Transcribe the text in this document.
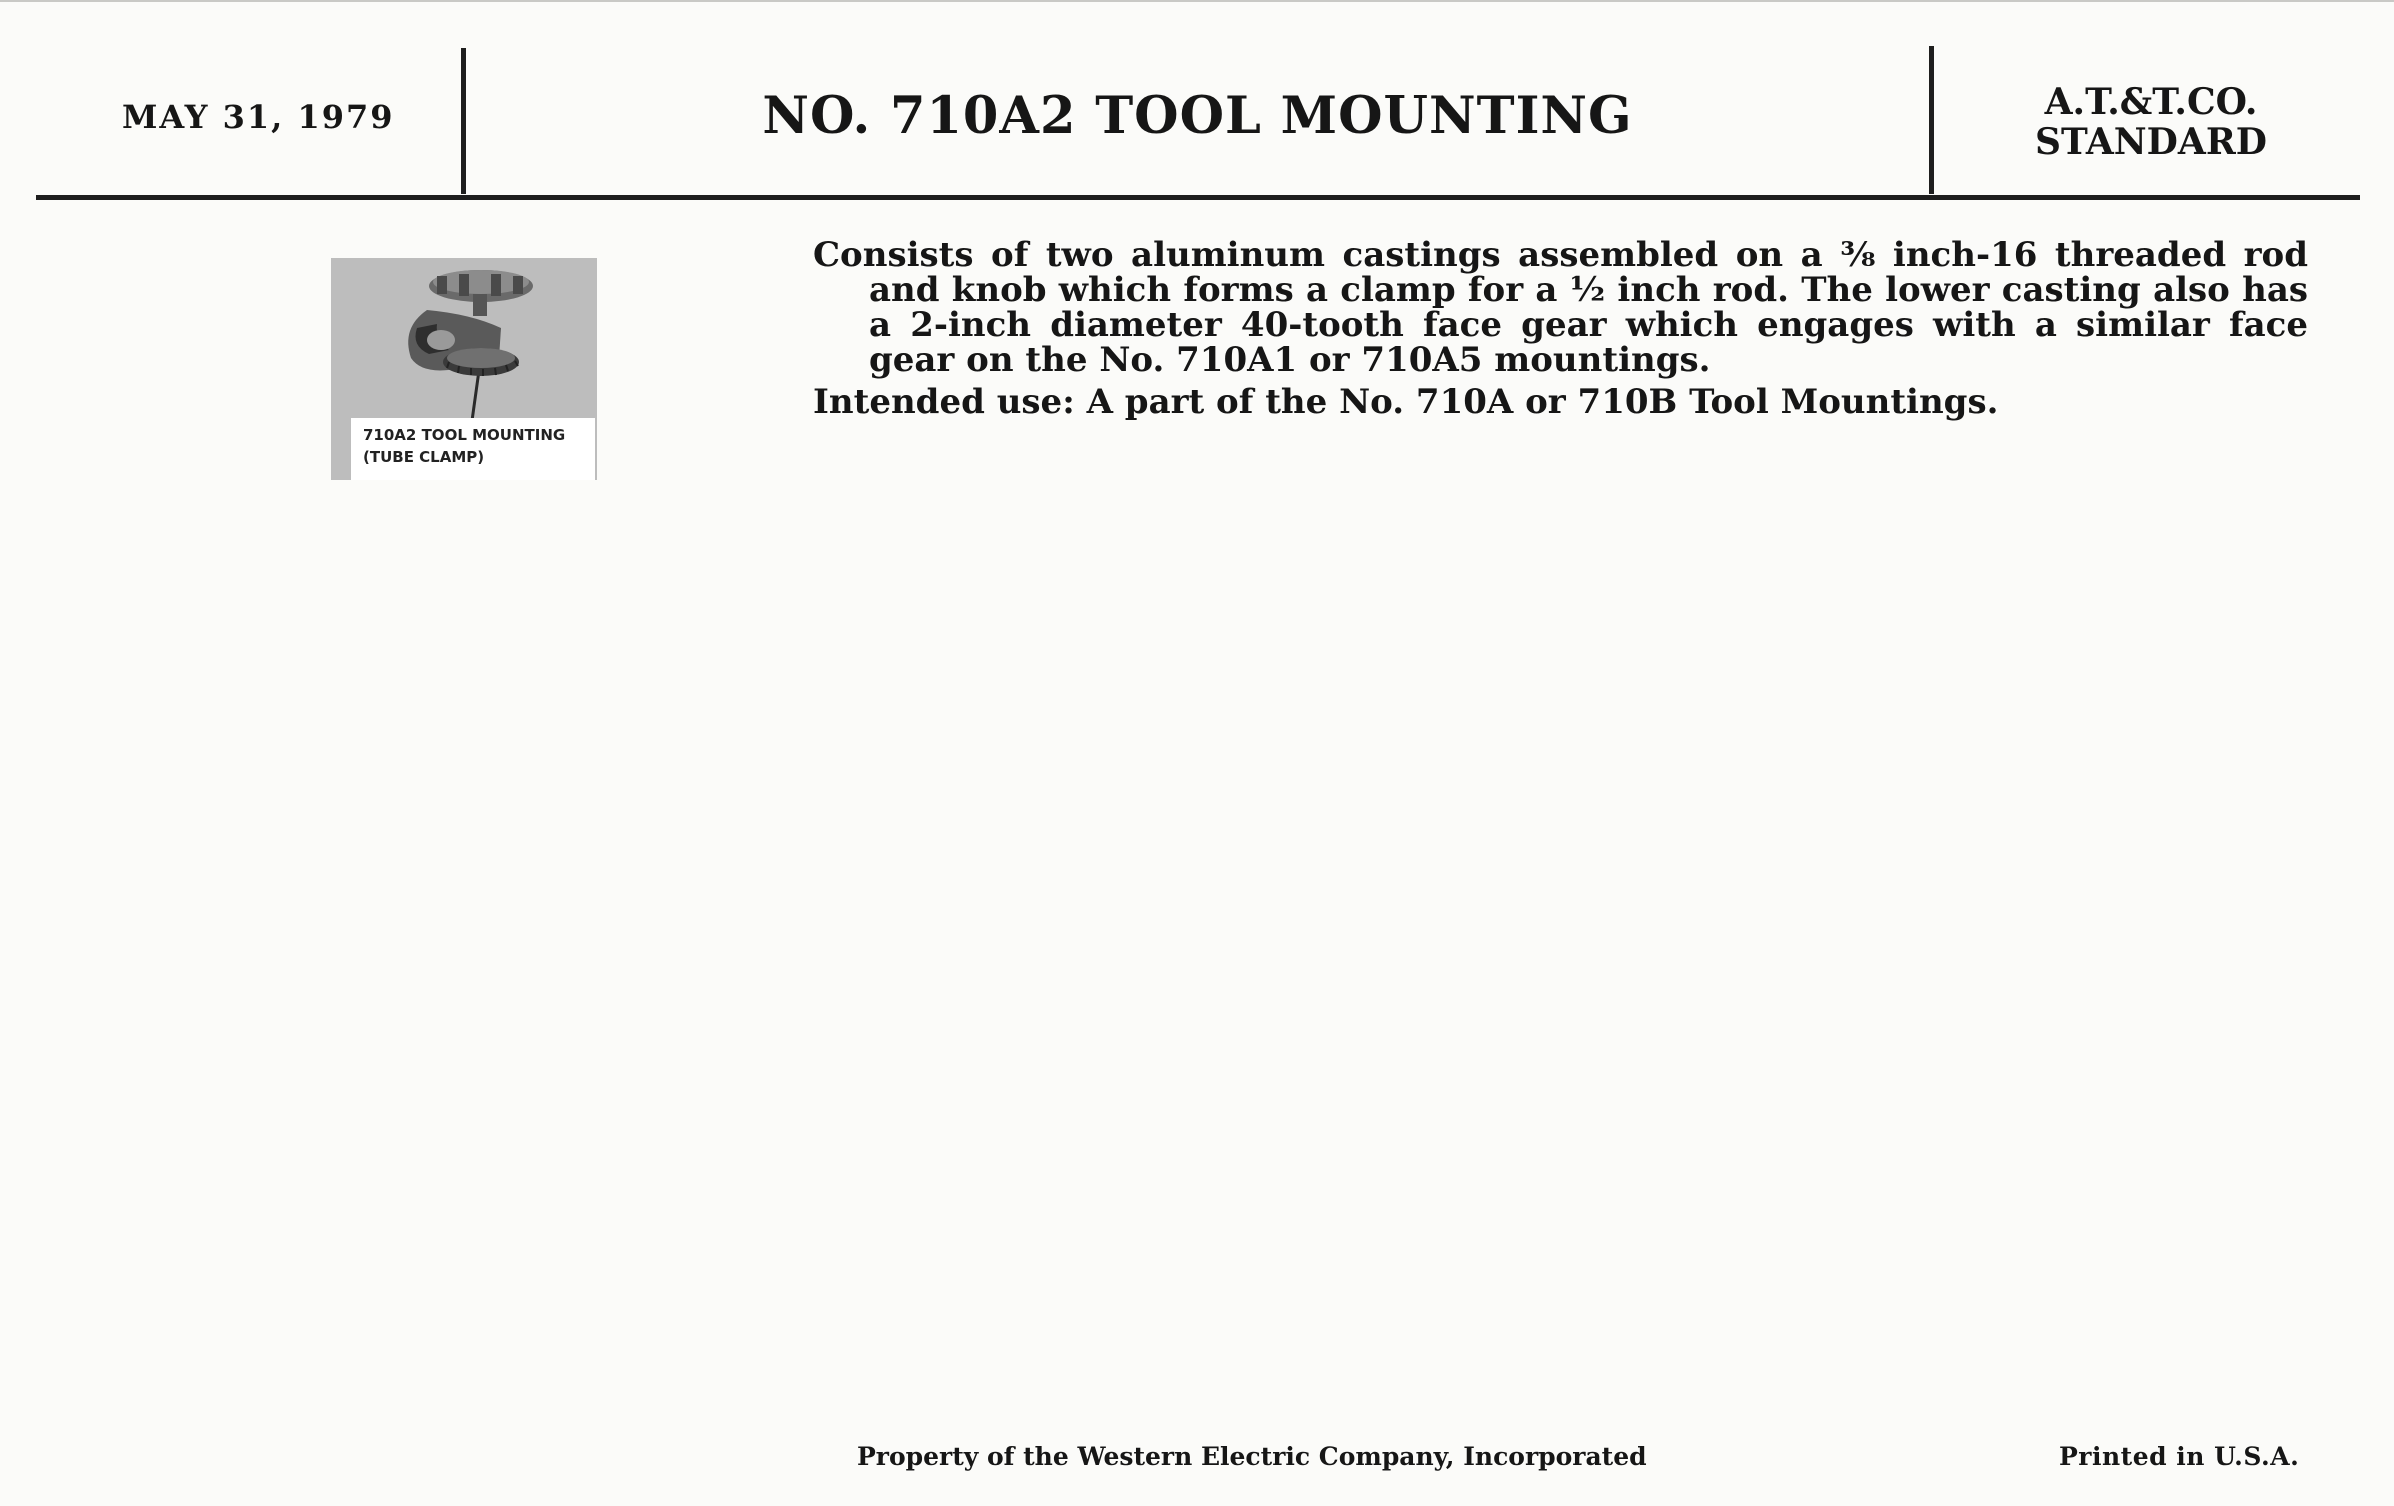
MAY 31, 1979	NO. 710A2 TOOL MOUNTING	A.T.&T.CO.
STANDARD
710A2 TOOL MOUNTING
(TUBE CLAMP)

Consists of two aluminum castings assembled on a ⅜ inch-16 threaded rod and knob which forms a clamp for a ½ inch rod. The lower casting also has a 2-inch diameter 40-tooth face gear which engages with a similar face gear on the No. 710A1 or 710A5 mountings.

Intended use: A part of the No. 710A or 710B Tool Mountings.

Property of the Western Electric Company, Incorporated	Printed in U.S.A.
